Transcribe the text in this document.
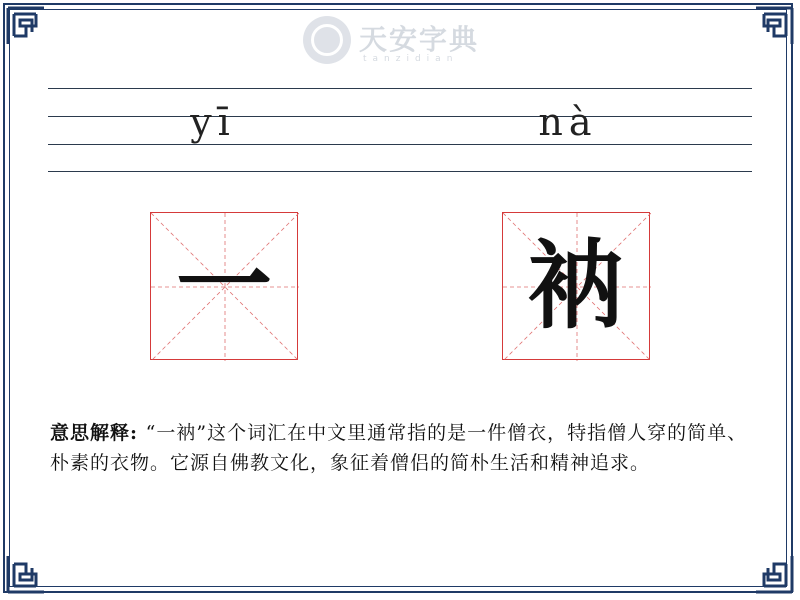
天安字典
tanzidian
yī	nà
一	衲
意思解释: “一衲”这个词汇在中文里通常指的是一件僧衣，特指僧人穿的简单、朴素的衣物。它源自佛教文化，象征着僧侣的简朴生活和精神追求。
